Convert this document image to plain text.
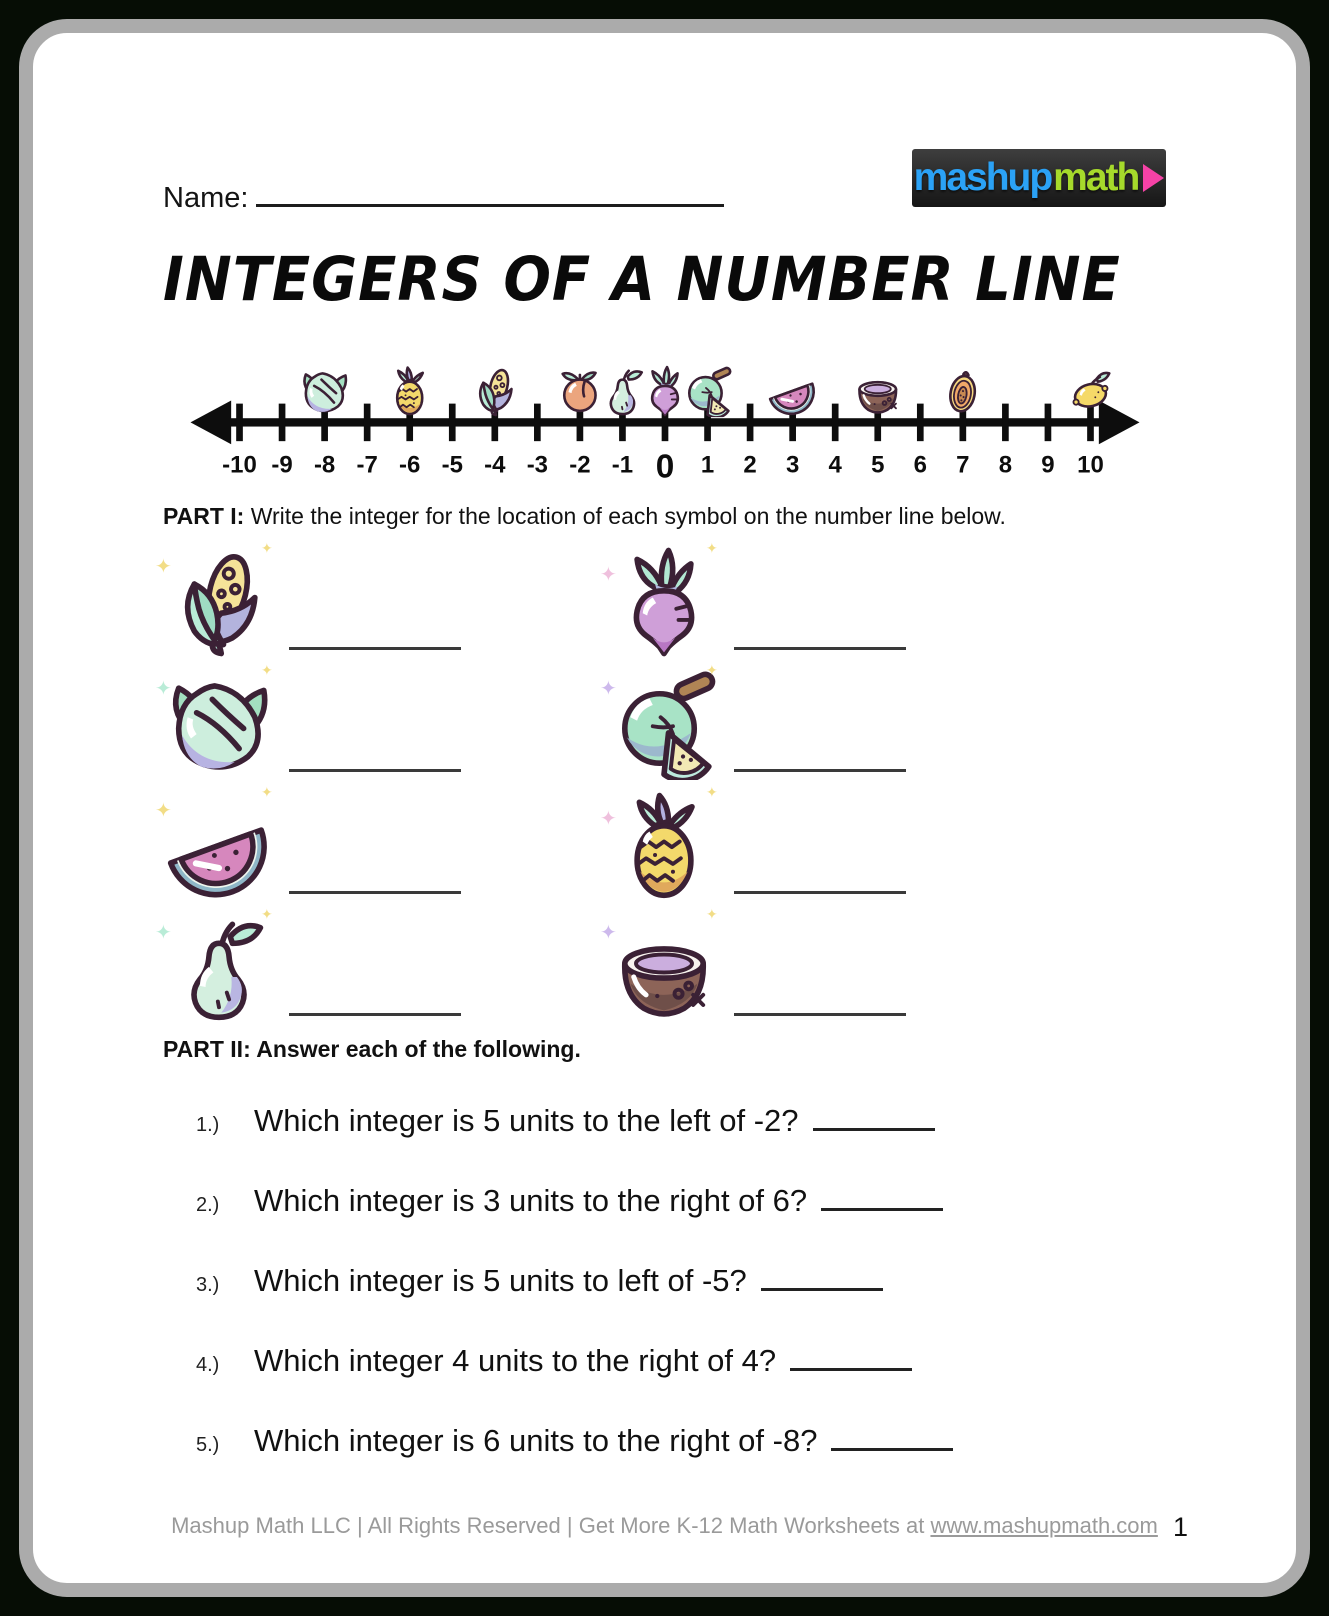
Name:	mashup math
INTEGERS OF A NUMBER LINE
-10 -9 -8 -7 -6 -5 -4 -3 -2 -1 0 1 2 3 4 5 6 7 8 9 10
PART I: Write the integer for the location of each symbol on the number line below.
✦
✦
✦
✦
✦
✦
✦
✦
✦
✦
✦
✦
✦
✦
✦
✦
PART II: Answer each of the following.
1.)	Which integer is 5 units to the left of -2?
2.)	Which integer is 3 units to the right of 6?
3.)	Which integer is 5 units to left of -5?
4.)	Which integer 4 units to the right of 4?
5.)	Which integer is 6 units to the right of -8?
Mashup Math LLC | All Rights Reserved | Get More K-12 Math Worksheets at www.mashupmath.com 1
